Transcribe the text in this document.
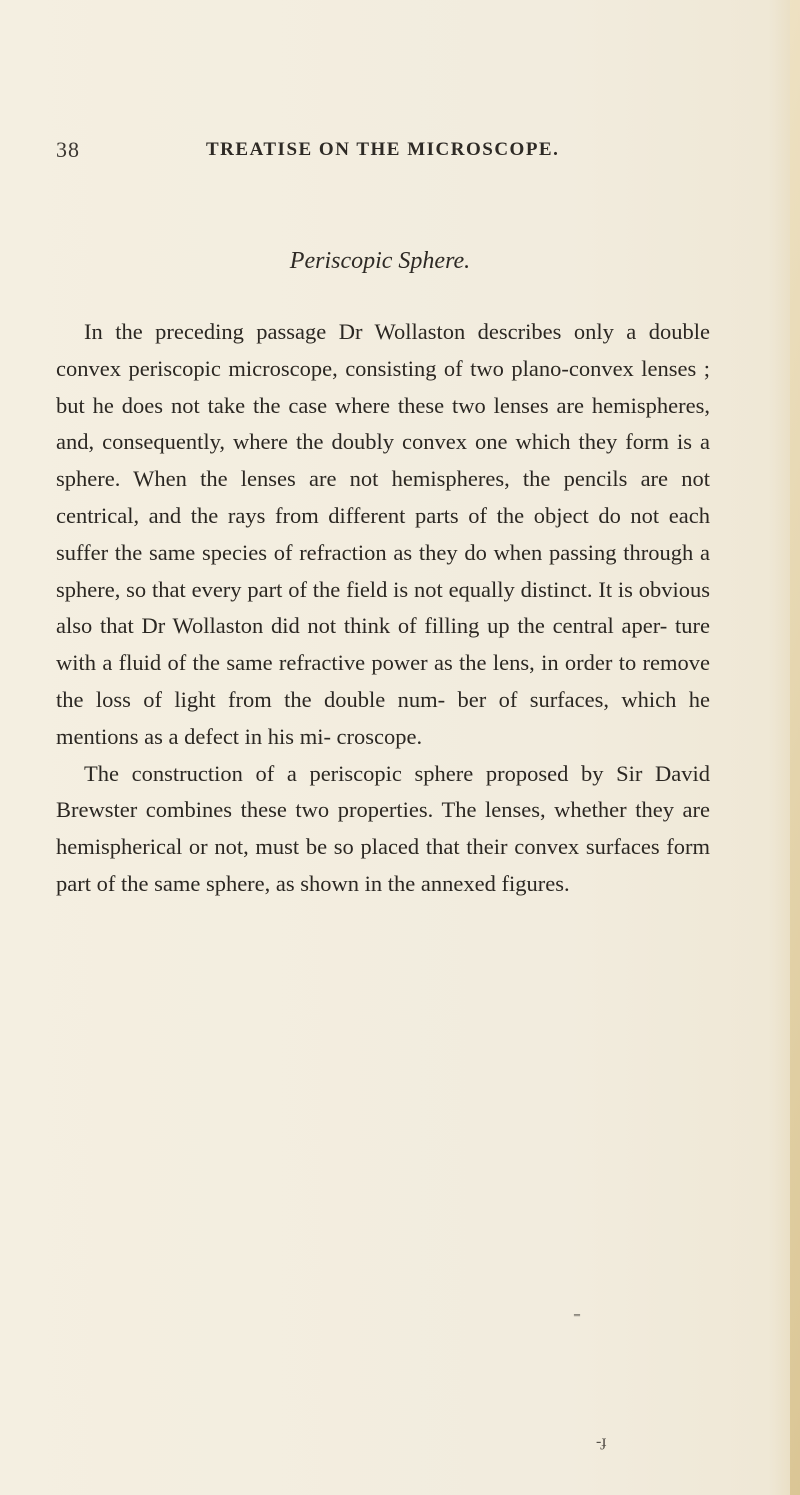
38	TREATISE ON THE MICROSCOPE.
Periscopic Sphere.

In the preceding passage Dr Wollaston describes only a double convex periscopic microscope, consisting of two plano-convex lenses ; but he does not take the case where these two lenses are hemispheres, and, consequently, where the doubly convex one which they form is a sphere. When the lenses are not hemispheres, the pencils are not centrical, and the rays from different parts of the object do not each suffer the same species of refraction as they do when passing through a sphere, so that every part of the field is not equally distinct. It is obvious also that Dr Wollaston did not think of filling up the central aper- ture with a fluid of the same refractive power as the lens, in order to remove the loss of light from the double num- ber of surfaces, which he mentions as a defect in his mi- croscope.

The construction of a periscopic sphere proposed by Sir David Brewster combines these two properties. The lenses, whether they are hemispherical or not, must be so placed that their convex surfaces form part of the same sphere, as shown in the annexed figures.

‗
-ɟ
